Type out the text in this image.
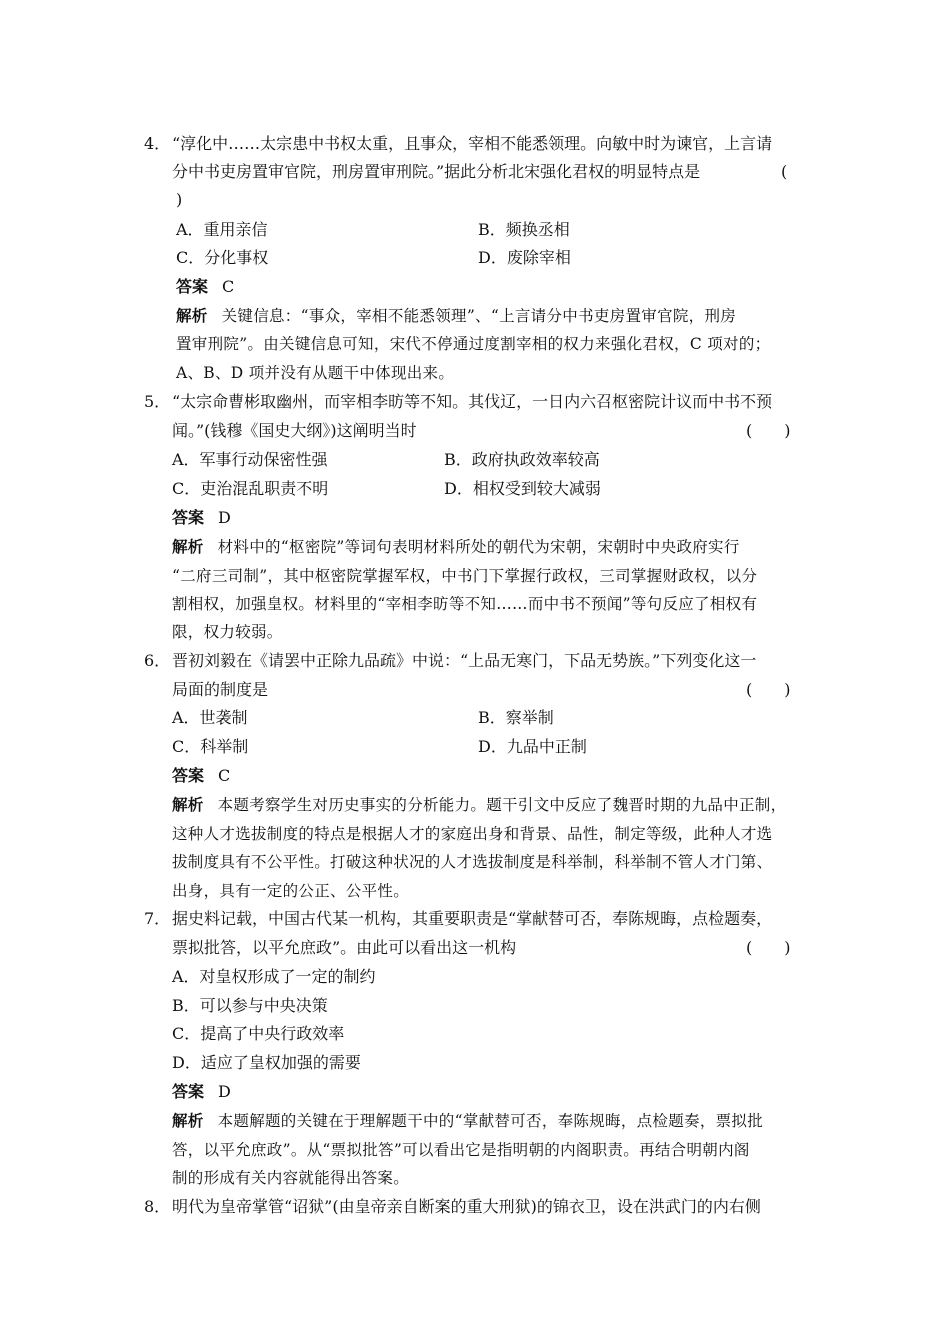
4． “淳化中……太宗患中书权太重，且事众，宰相不能悉领理。向敏中时为谏官，上言请
分中书吏房置审官院，刑房置审刑院。”据此分析北宋强化君权的明显特点是	(
)
A．重用亲信	B．频换丞相
C．分化事权	D．废除宰相
答案 C
解析 关键信息：“事众，宰相不能悉领理”、“上言请分中书吏房置审官院，刑房
置审刑院”。由关键信息可知，宋代不停通过度割宰相的权力来强化君权，C 项对的；
A、B、D 项并没有从题干中体现出来。
5． “太宗命曹彬取幽州，而宰相李昉等不知。其伐辽，一日内六召枢密院计议而中书不预
闻。”(钱穆《国史大纲》)这阐明当时	(　　)
A．军事行动保密性强	B．政府执政效率较高
C．吏治混乱职责不明	D．相权受到较大减弱
答案 D
解析 材料中的“枢密院”等词句表明材料所处的朝代为宋朝，宋朝时中央政府实行
“二府三司制”，其中枢密院掌握军权，中书门下掌握行政权，三司掌握财政权，以分
割相权，加强皇权。材料里的“宰相李昉等不知……而中书不预闻”等句反应了相权有
限，权力较弱。
6． 晋初刘毅在《请罢中正除九品疏》中说：“上品无寒门，下品无势族。”下列变化这一
局面的制度是	(　　)
A．世袭制	B．察举制
C．科举制	D．九品中正制
答案 C
解析 本题考察学生对历史事实的分析能力。题干引文中反应了魏晋时期的九品中正制，
这种人才选拔制度的特点是根据人才的家庭出身和背景、品性，制定等级，此种人才选
拔制度具有不公平性。打破这种状况的人才选拔制度是科举制，科举制不管人才门第、
出身，具有一定的公正、公平性。
7． 据史料记载，中国古代某一机构，其重要职责是“掌献替可否，奉陈规晦，点检题奏，
票拟批答，以平允庶政”。由此可以看出这一机构	(　　)
A．对皇权形成了一定的制约
B．可以参与中央决策
C．提高了中央行政效率
D．适应了皇权加强的需要
答案 D
解析 本题解题的关键在于理解题干中的“掌献替可否，奉陈规晦，点检题奏，票拟批
答，以平允庶政”。从“票拟批答”可以看出它是指明朝的内阁职责。再结合明朝内阁
制的形成有关内容就能得出答案。
8． 明代为皇帝掌管“诏狱”(由皇帝亲自断案的重大刑狱)的锦衣卫，设在洪武门的内右侧
